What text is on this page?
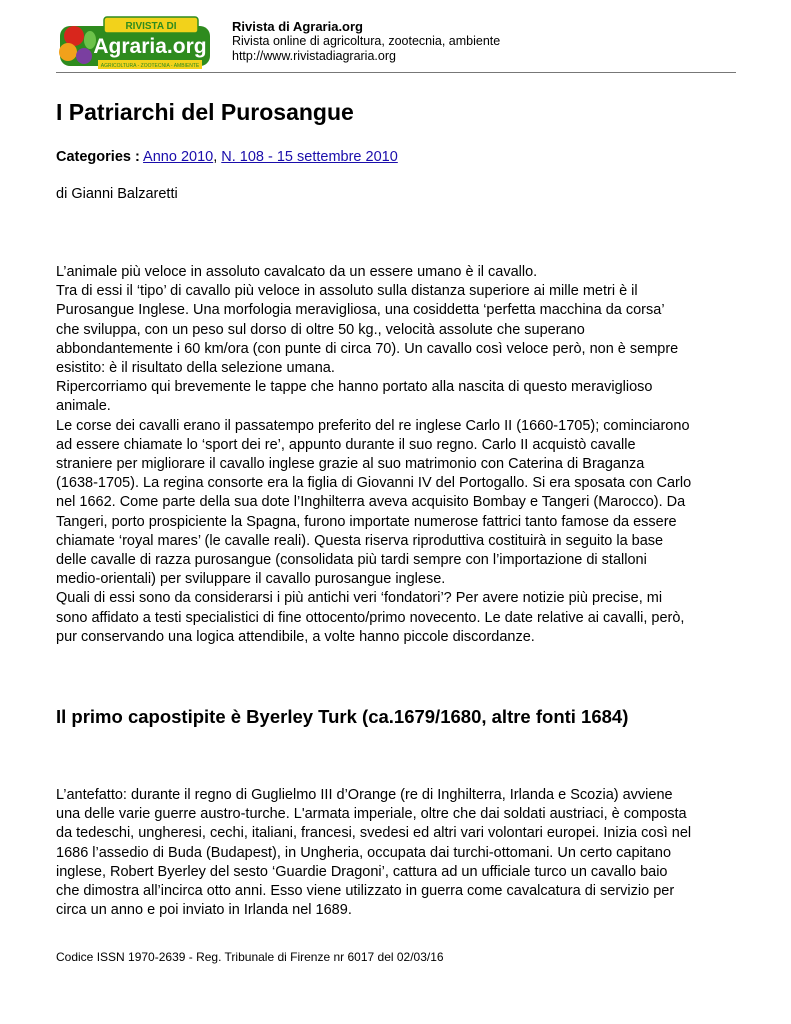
RIVISTA DI
Agraria.org
AGRICOLTURA - ZOOTECNIA - AMBIENTE
Rivista di Agraria.org
Rivista online di agricoltura, zootecnia, ambiente
http://www.rivistadiagraria.org
I Patriarchi del Purosangue
Categories : Anno 2010, N. 108 - 15 settembre 2010
di Gianni Balzaretti

L’animale più veloce in assoluto cavalcato da un essere umano è il cavallo.
Tra di essi il ‘tipo’ di cavallo più veloce in assoluto sulla distanza superiore ai mille metri è il
Purosangue Inglese. Una morfologia meravigliosa, una cosiddetta ‘perfetta macchina da corsa’
che sviluppa, con un peso sul dorso di oltre 50 kg., velocità assolute che superano
abbondantemente i 60 km/ora (con punte di circa 70). Un cavallo così veloce però, non è sempre
esistito: è il risultato della selezione umana.
Ripercorriamo qui brevemente le tappe che hanno portato alla nascita di questo meraviglioso
animale.
Le corse dei cavalli erano il passatempo preferito del re inglese Carlo II (1660-1705); cominciarono
ad essere chiamate lo ‘sport dei re’, appunto durante il suo regno. Carlo II acquistò cavalle
straniere per migliorare il cavallo inglese grazie al suo matrimonio con Caterina di Braganza
(1638-1705). La regina consorte era la figlia di Giovanni IV del Portogallo. Si era sposata con Carlo
nel 1662. Come parte della sua dote l’Inghilterra aveva acquisito Bombay e Tangeri (Marocco). Da
Tangeri, porto prospiciente la Spagna, furono importate numerose fattrici tanto famose da essere
chiamate ‘royal mares’ (le cavalle reali). Questa riserva riproduttiva costituirà in seguito la base
delle cavalle di razza purosangue (consolidata più tardi sempre con l’importazione di stalloni
medio-orientali) per sviluppare il cavallo purosangue inglese.
Quali di essi sono da considerarsi i più antichi veri ‘fondatori’? Per avere notizie più precise, mi
sono affidato a testi specialistici di fine ottocento/primo novecento. Le date relative ai cavalli, però,
pur conservando una logica attendibile, a volte hanno piccole discordanze.

Il primo capostipite è Byerley Turk (ca.1679/1680, altre fonti 1684)

L’antefatto: durante il regno di Guglielmo III d’Orange (re di Inghilterra, Irlanda e Scozia) avviene
una delle varie guerre austro-turche. L'armata imperiale, oltre che dai soldati austriaci, è composta
da tedeschi, ungheresi, cechi, italiani, francesi, svedesi ed altri vari volontari europei. Inizia così nel
1686 l’assedio di Buda (Budapest), in Ungheria, occupata dai turchi-ottomani. Un certo capitano
inglese, Robert Byerley del sesto ‘Guardie Dragoni’, cattura ad un ufficiale turco un cavallo baio
che dimostra all’incirca otto anni. Esso viene utilizzato in guerra come cavalcatura di servizio per
circa un anno e poi inviato in Irlanda nel 1689.

Codice ISSN 1970-2639 - Reg. Tribunale di Firenze nr 6017 del 02/03/16
